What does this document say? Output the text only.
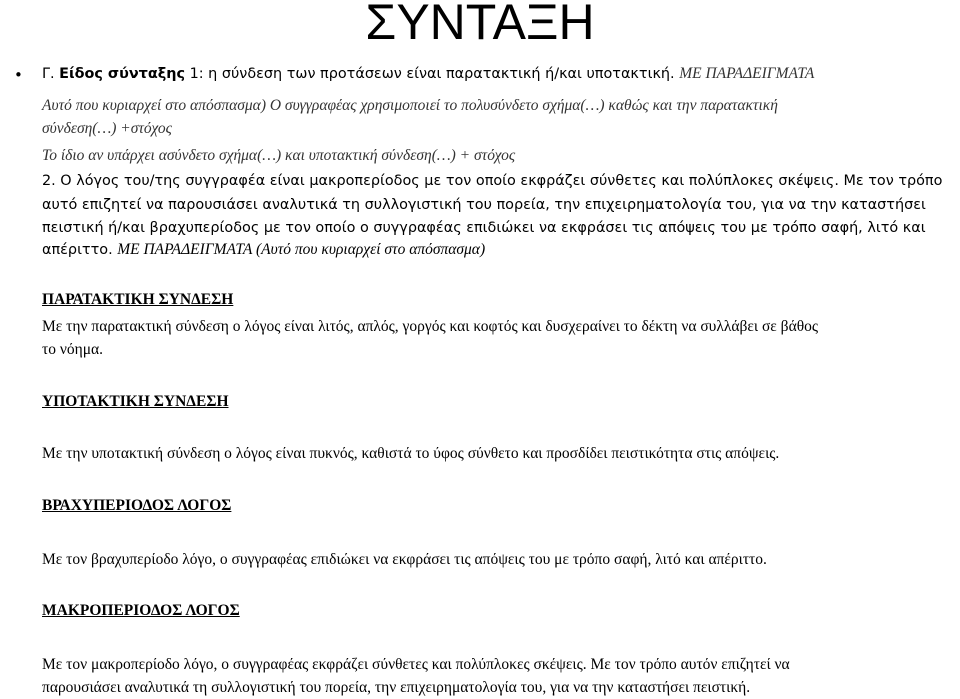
ΣΥΝΤΑΞΗ
• Γ. Είδος σύνταξης 1: η σύνδεση των προτάσεων είναι παρατακτική ή/και υποτακτική. ΜΕ ΠΑΡΑΔΕΙΓΜΑΤΑ
Αυτό που κυριαρχεί στο απόσπασμα) Ο συγγραφέας χρησιμοποιεί το πολυσύνδετο σχήμα(…) καθώς και την παρατακτική
σύνδεση(…) +στόχος
Το ίδιο αν υπάρχει ασύνδετο σχήμα(…) και υποτακτική σύνδεση(…) + στόχος
2. Ο λόγος του/της συγγραφέα είναι μακροπερίοδος με τον οποίο εκφράζει σύνθετες και πολύπλοκες σκέψεις. Με τον τρόπο
αυτό επιζητεί να παρουσιάσει αναλυτικά τη συλλογιστική του πορεία, την επιχειρηματολογία του, για να την καταστήσει
πειστική ή/και βραχυπερίοδος με τον οποίο ο συγγραφέας επιδιώκει να εκφράσει τις απόψεις του με τρόπο σαφή, λιτό και
απέριττο. ΜΕ ΠΑΡΑΔΕΙΓΜΑΤΑ (Αυτό που κυριαρχεί στο απόσπασμα)
ΠΑΡΑΤΑΚΤΙΚΗ ΣΥΝΔΕΣΗ
Με την παρατακτική σύνδεση ο λόγος είναι λιτός, απλός, γοργός και κοφτός και δυσχεραίνει το δέκτη να συλλάβει σε βάθος
το νόημα.
ΥΠΟΤΑΚΤΙΚΗ ΣΥΝΔΕΣΗ
Με την υποτακτική σύνδεση ο λόγος είναι πυκνός, καθιστά το ύφος σύνθετο και προσδίδει πειστικότητα στις απόψεις.
ΒΡΑΧΥΠΕΡΙΟΔΟΣ ΛΟΓΟΣ
Με τον βραχυπερίοδο λόγο, ο συγγραφέας επιδιώκει να εκφράσει τις απόψεις του με τρόπο σαφή, λιτό και απέριττο.
ΜΑΚΡΟΠΕΡΙΟΔΟΣ ΛΟΓΟΣ
Με τον μακροπερίοδο λόγο, ο συγγραφέας εκφράζει σύνθετες και πολύπλοκες σκέψεις. Με τον τρόπο αυτόν επιζητεί να
παρουσιάσει αναλυτικά τη συλλογιστική του πορεία, την επιχειρηματολογία του, για να την καταστήσει πειστική.
